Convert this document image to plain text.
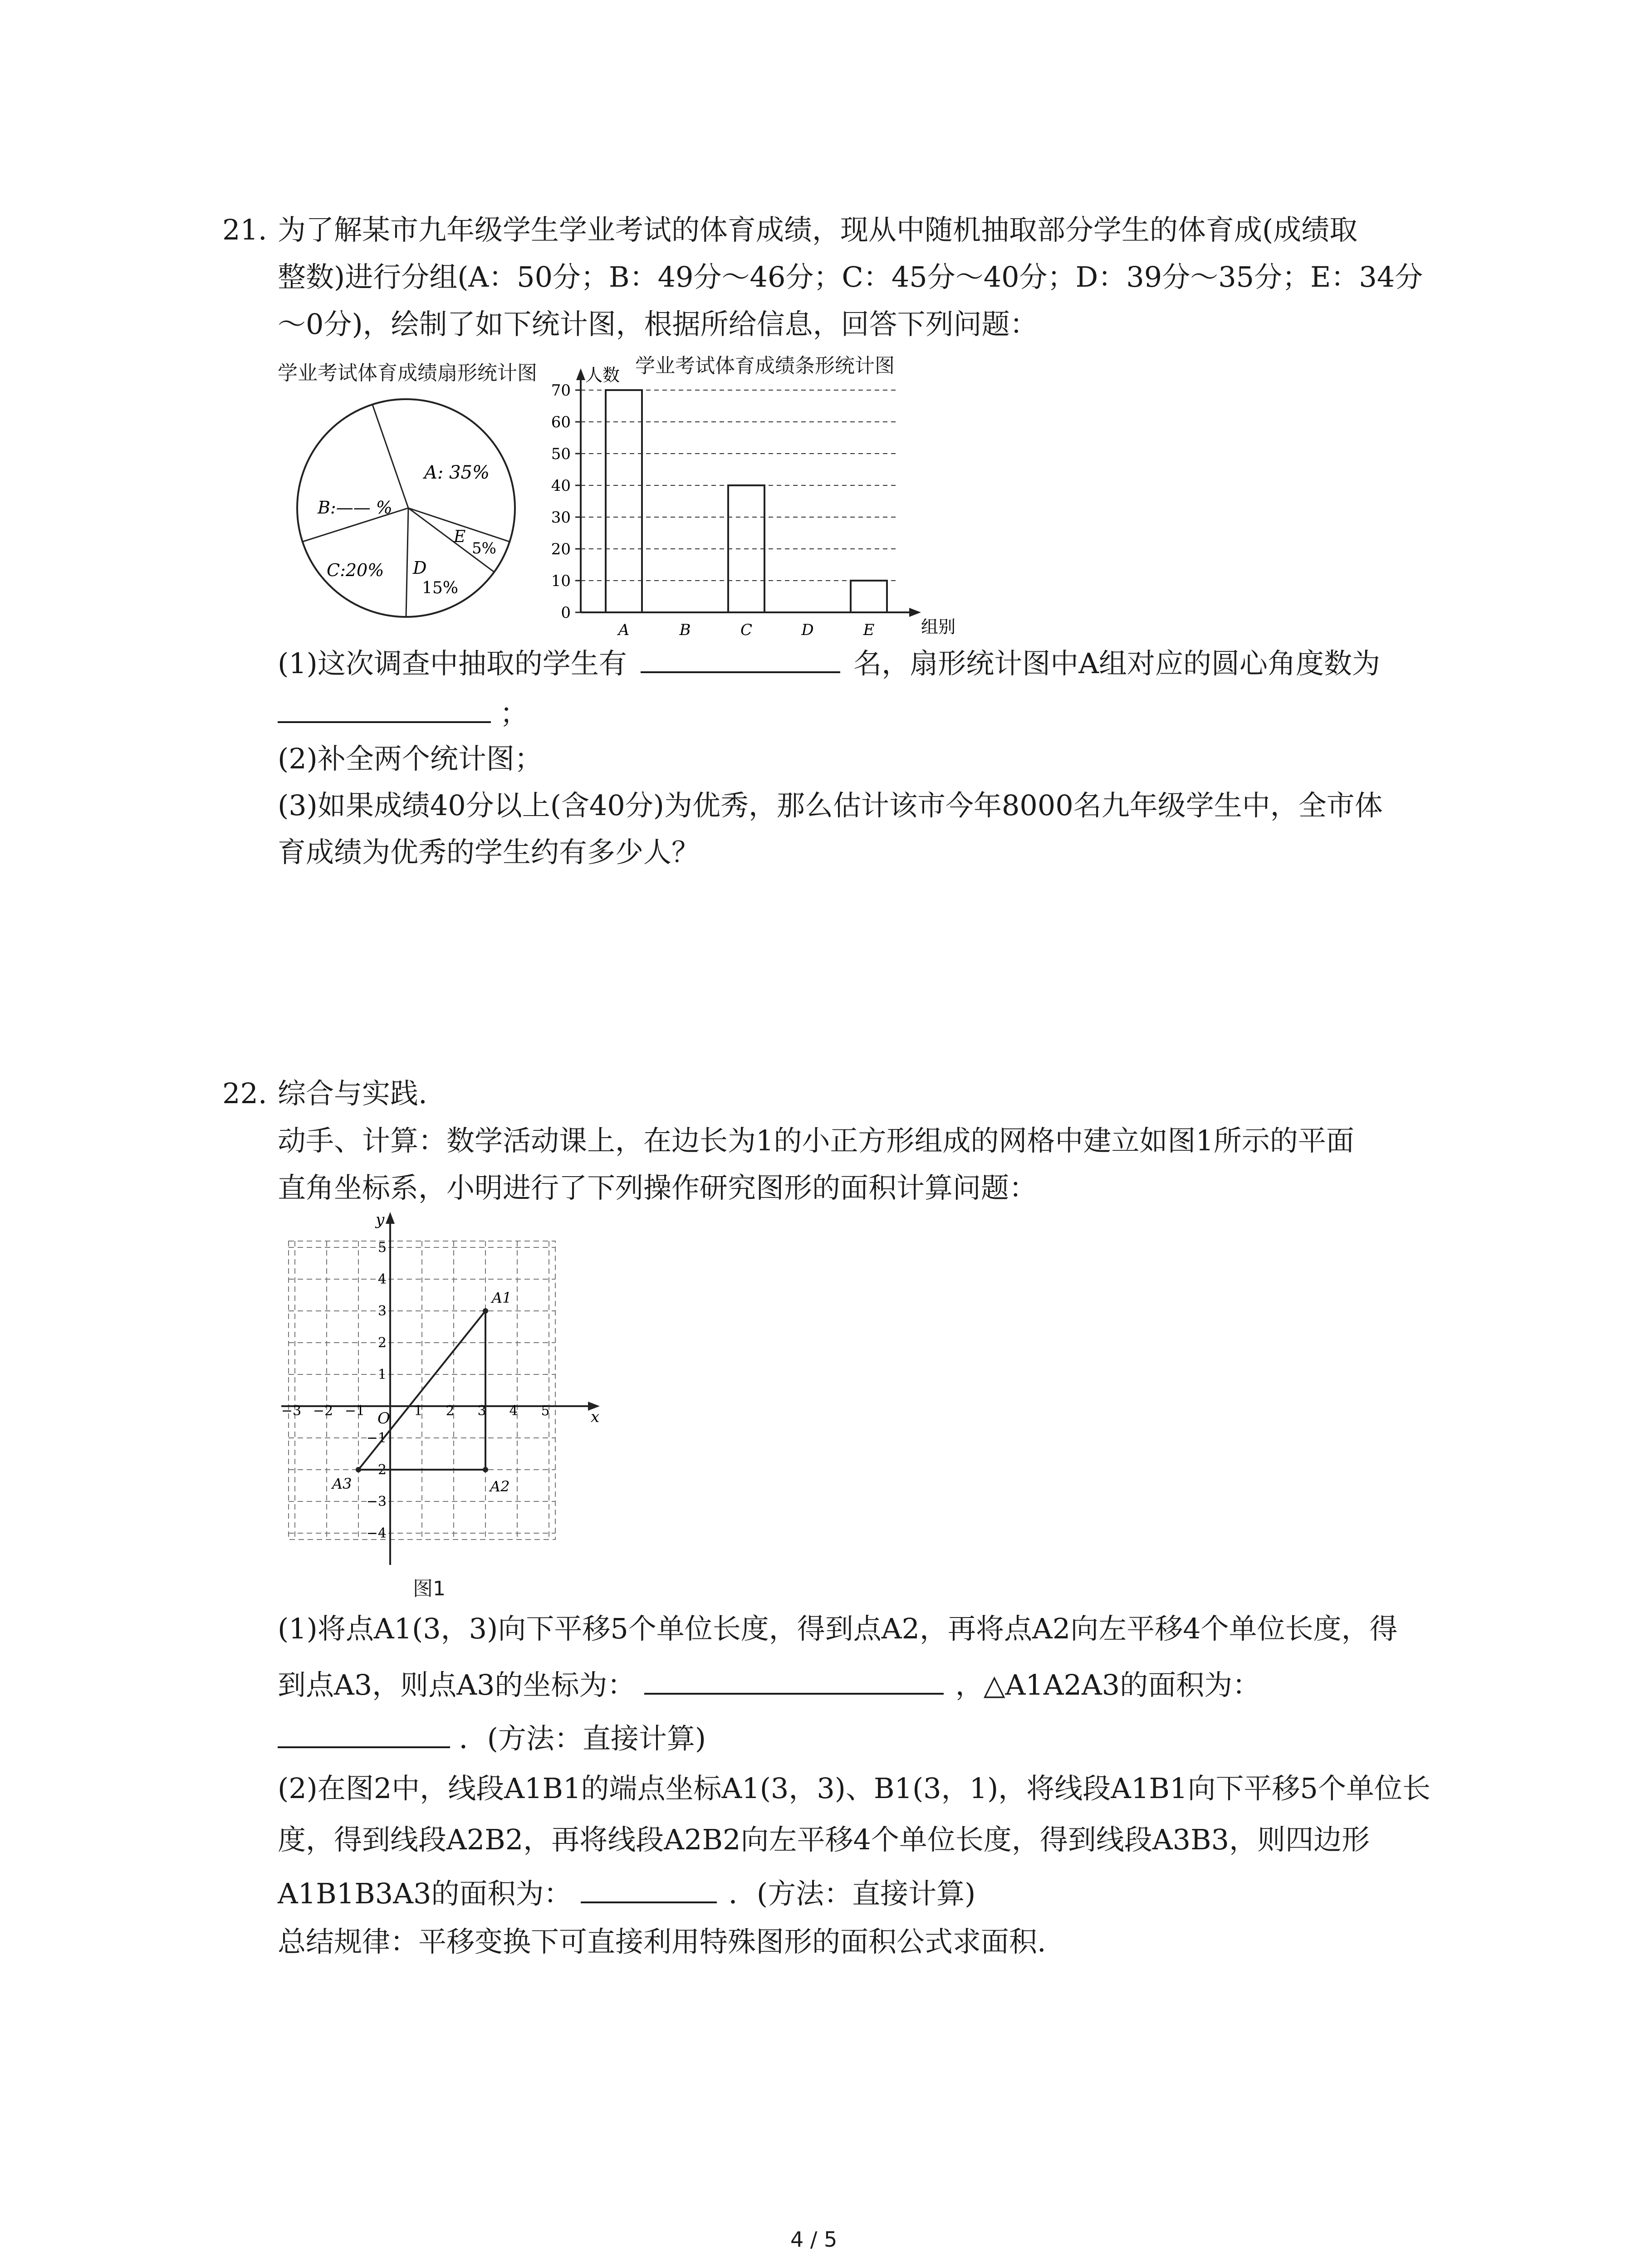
21. 为了解某市九年级学生学业考试的体育成绩，现从中随机抽取部分学生的体育成(成绩取
整数)进行分组(A：50分；B：49分～46分；C：45分～40分；D：39分～35分；E：34分
～0分)，绘制了如下统计图，根据所给信息，回答下列问题：
学业考试体育成绩扇形统计图
A: 35%
B:—— %
C:20% D
15%
E
5%
学业考试体育成绩条形统计图
0
10
20
30
40
50
60
70
A	B	C	D	E
人数
组别
(1)这次调查中抽取的学生有	名，扇形统计图中A组对应的圆心角度数为
；
(2)补全两个统计图；
(3)如果成绩40分以上(含40分)为优秀，那么估计该市今年8000名九年级学生中，全市体
育成绩为优秀的学生约有多少人？
22. 综合与实践.
动手、计算：数学活动课上，在边长为1的小正方形组成的网格中建立如图1所示的平面
直角坐标系，小明进行了下列操作研究图形的面积计算问题：
x
y
O
−3 −2 −1	1 2 3 4 5
5
4
3
2
1
−1
−2
−3
−4
A1
A2
A3
图1
(1)将点A1(3，3)向下平移5个单位长度，得到点A2，再将点A2向左平移4个单位长度，得
到点A3，则点A3的坐标为：	，△A1A2A3的面积为：
．(方法：直接计算)
(2)在图2中，线段A1B1的端点坐标A1(3，3)、B1(3，1)，将线段A1B1向下平移5个单位长
度，得到线段A2B2，再将线段A2B2向左平移4个单位长度，得到线段A3B3，则四边形
A1B1B3A3的面积为：	．(方法：直接计算)
总结规律：平移变换下可直接利用特殊图形的面积公式求面积.
4 / 5
